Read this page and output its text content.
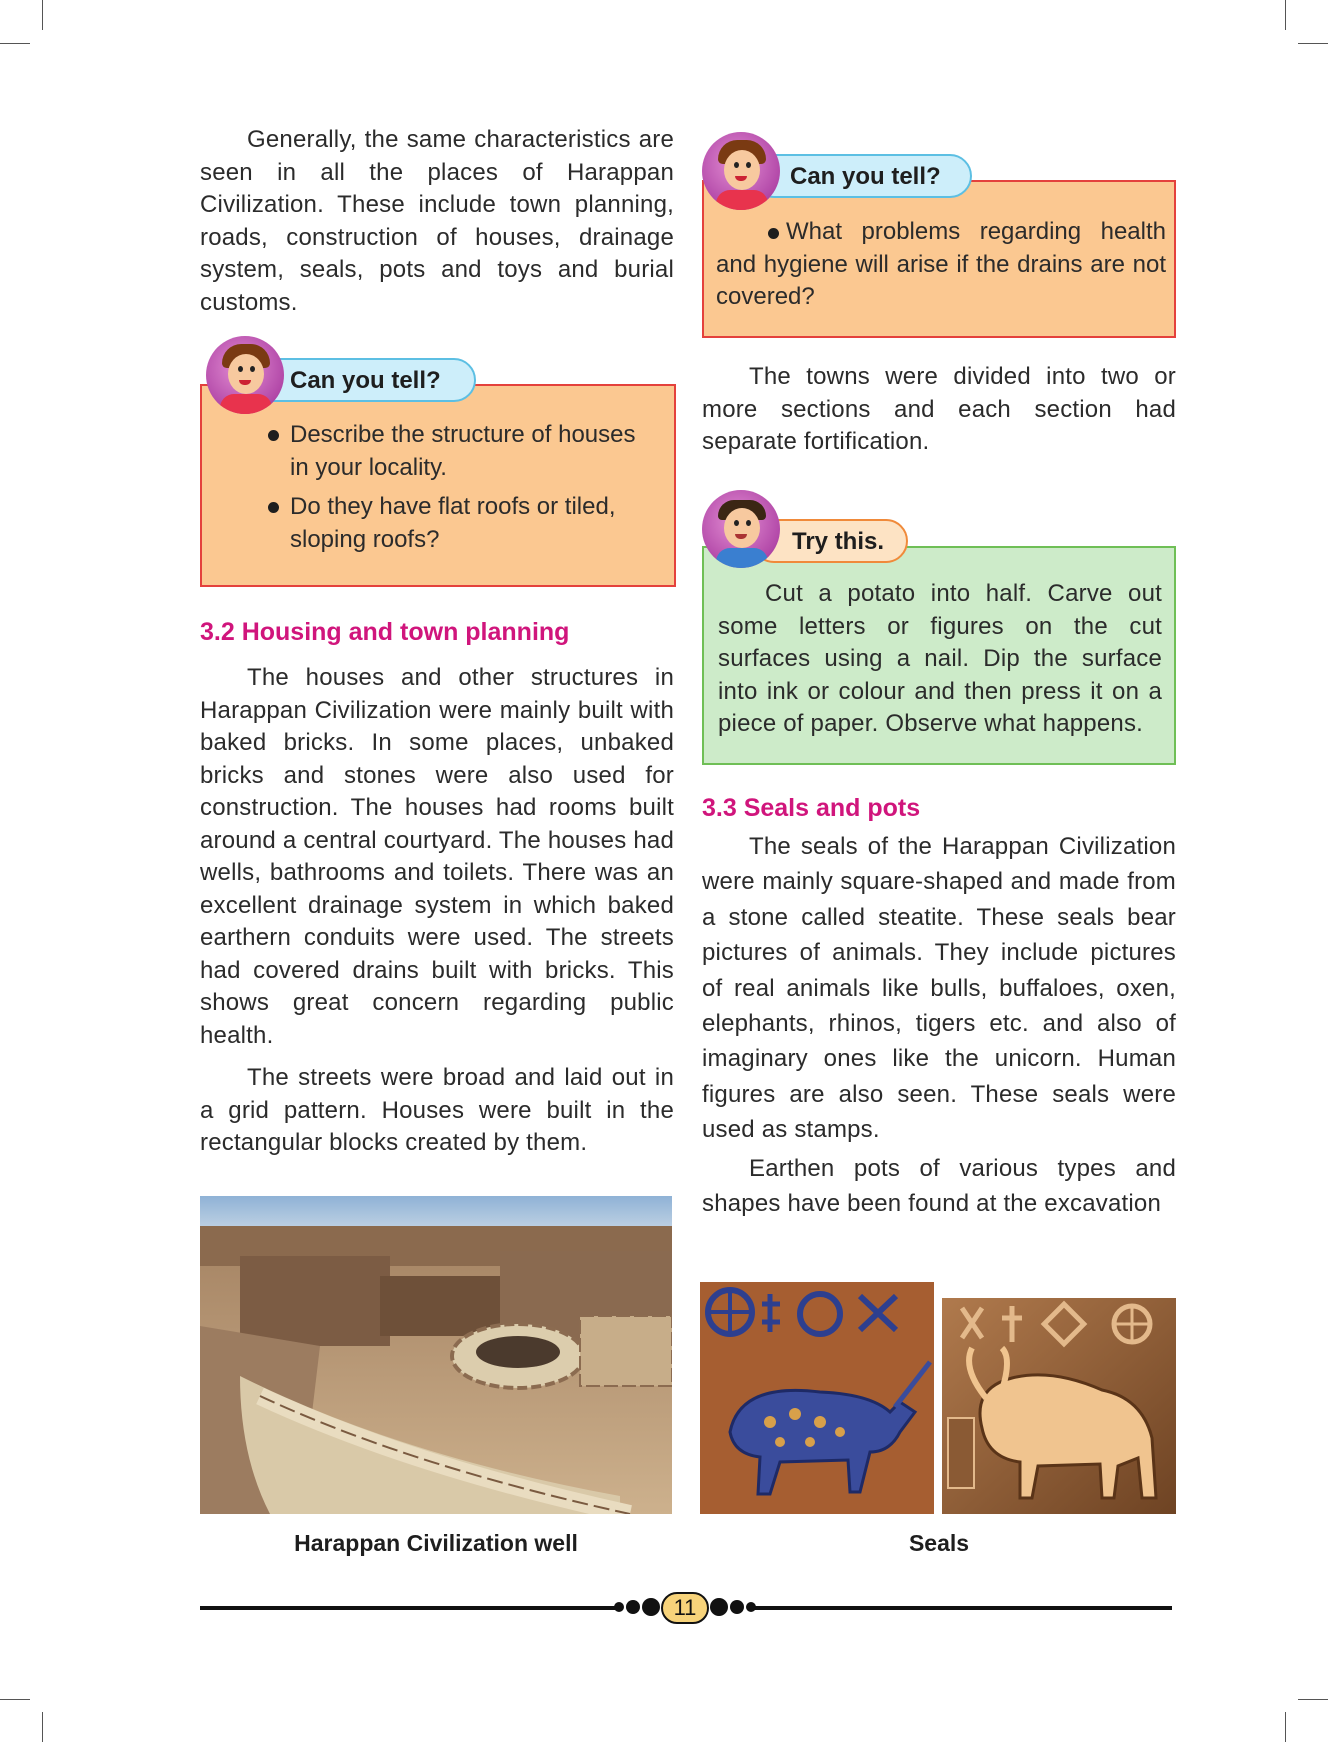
Generally, the same characteristics are seen in all the places of Harappan Civilization. These include town planning, roads, construction of houses, drainage system, seals, pots and toys and burial customs.

Describe the structure of houses in your locality.
Do they have flat roofs or tiled, sloping roofs?
Can you tell?
3.2 Housing and town planning

The houses and other structures in Harappan Civilization were mainly built with baked bricks. In some places, unbaked bricks and stones were also used for construction. The houses had rooms built around a central courtyard. The houses had wells, bathrooms and toilets. There was an excellent drainage system in which baked earthern conduits were used. The streets had covered drains built with bricks. This shows great concern regarding public health.

The streets were broad and laid out in a grid pattern. Houses were built in the rectangular blocks created by them.

Harappan Civilization well
What problems regarding health and hygiene will arise if the drains are not covered?
Can you tell?

The towns were divided into two or more sections and each section had separate fortification.

Cut a potato into half. Carve out some letters or figures on the cut surfaces using a nail. Dip the surface into ink or colour and then press it on a piece of paper. Observe what happens.

Try this.
3.3 Seals and pots

The seals of the Harappan Civilization were mainly square-shaped and made from a stone called steatite. These seals bear pictures of animals. They include pictures of real animals like bulls, buffaloes, oxen, elephants, rhinos, tigers etc. and also of imaginary ones like the unicorn. Human figures are also seen. These seals were used as stamps.

Earthen pots of various types and shapes have been found at the excavation

Seals
11
